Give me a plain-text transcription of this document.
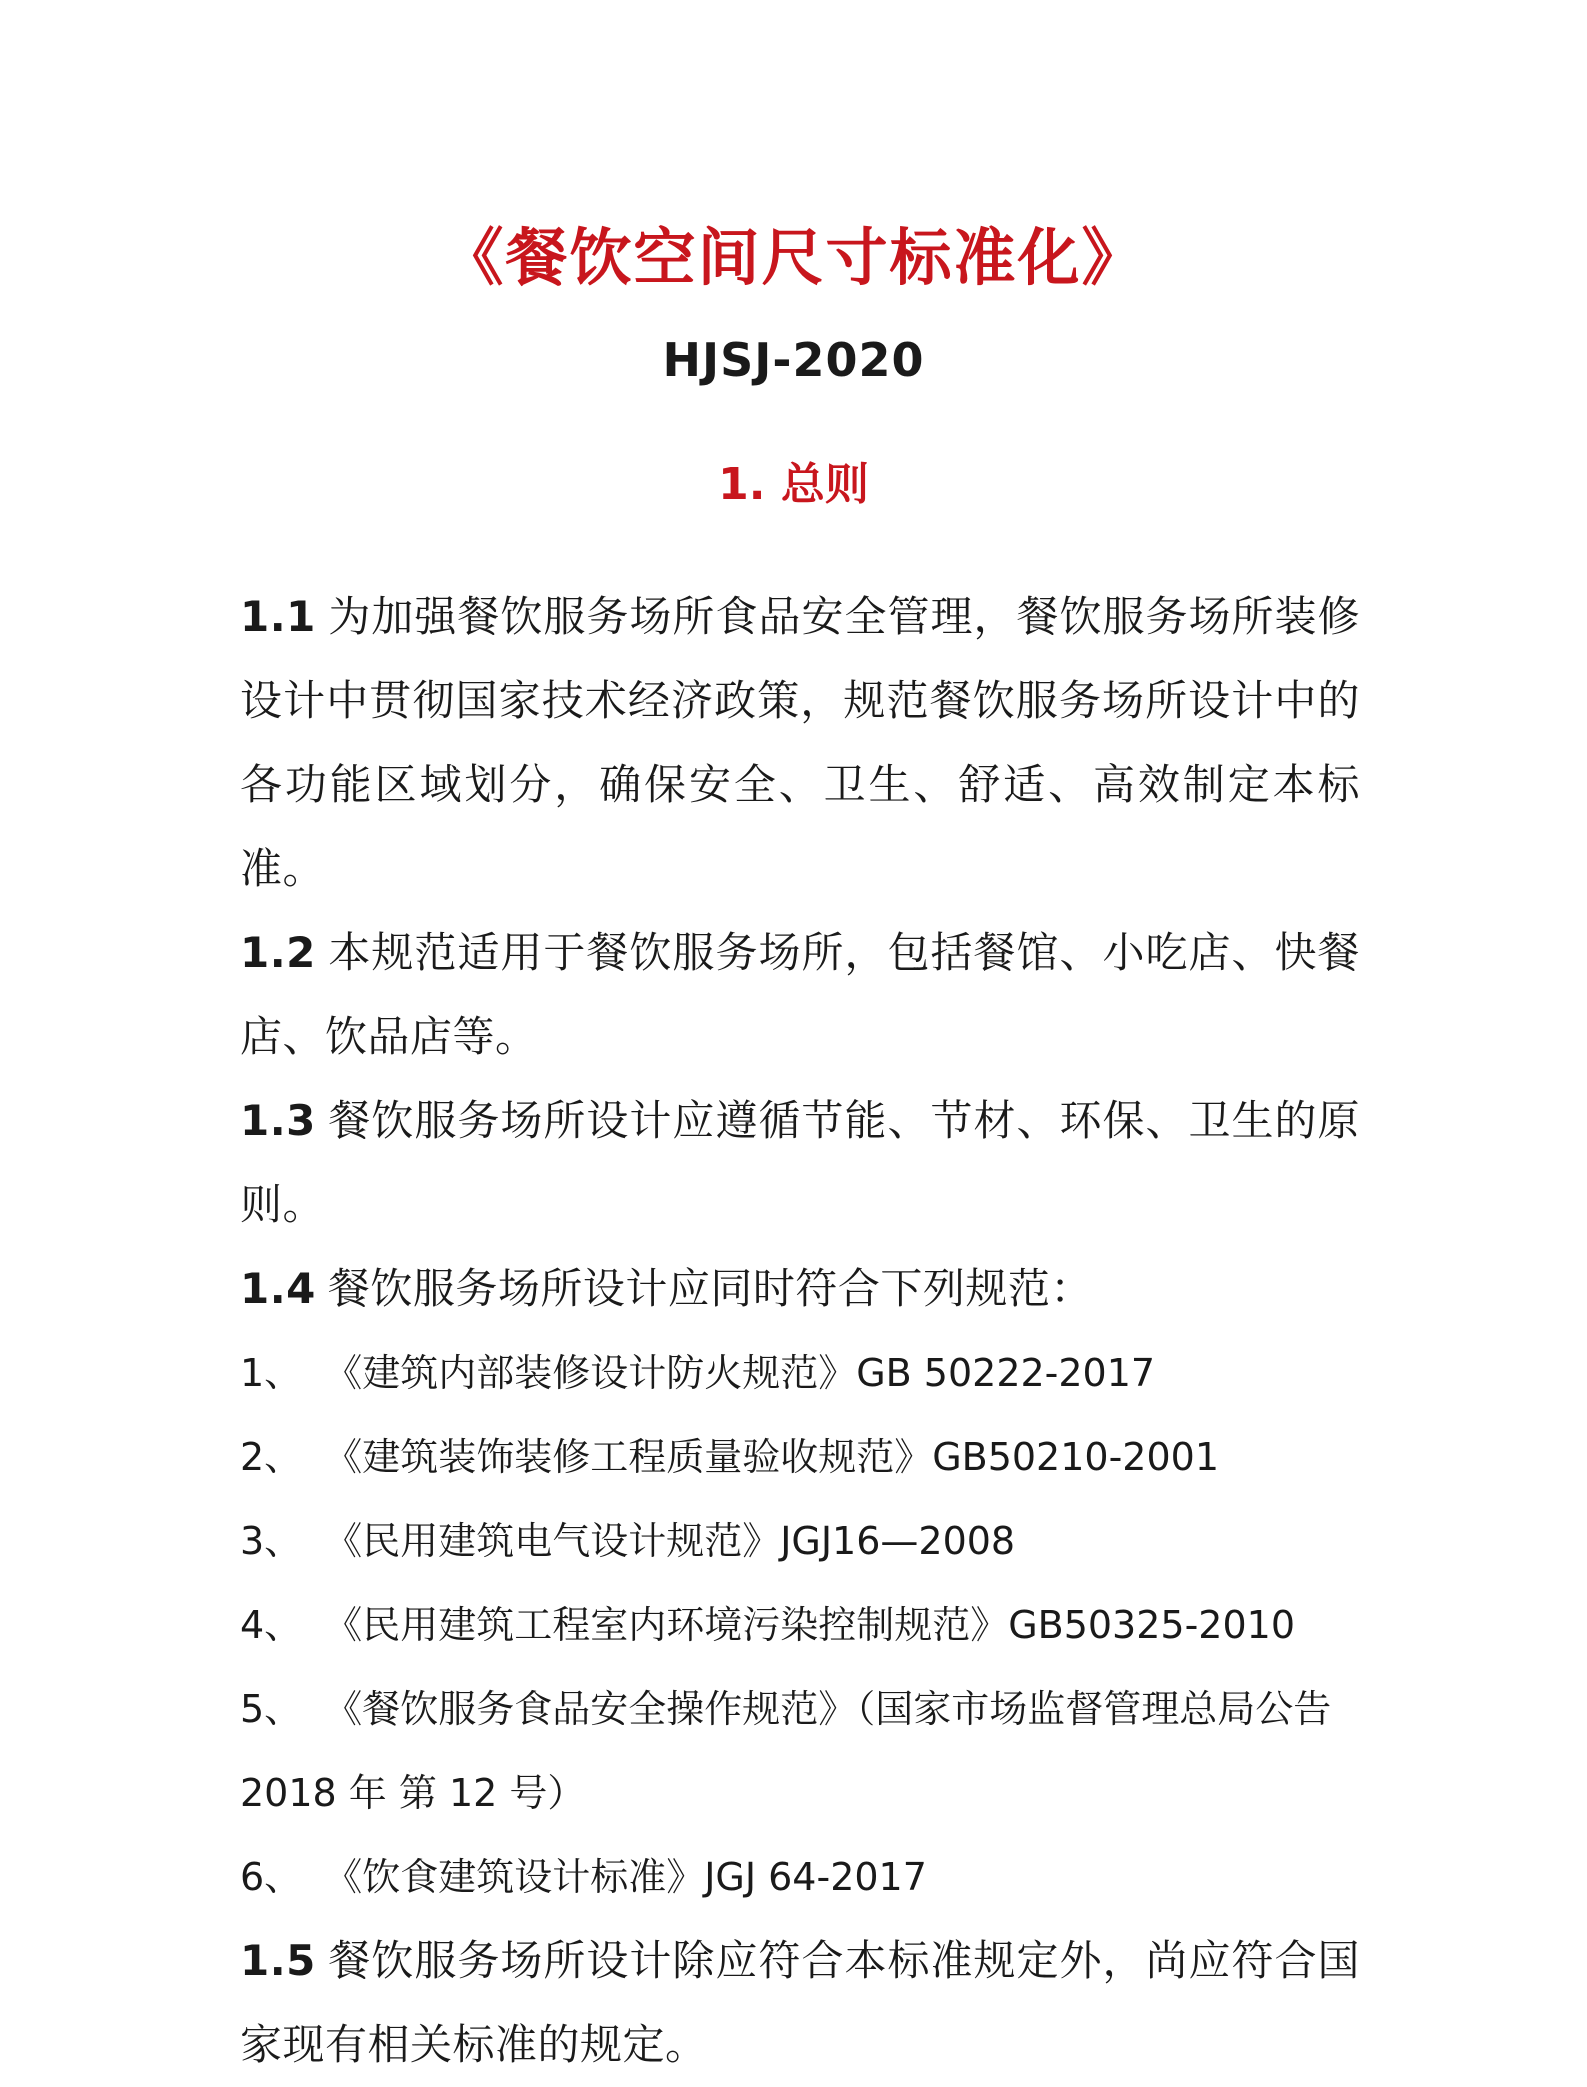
《餐饮空间尺寸标准化》
HJSJ-2020
1. 总则

1.1 为加强餐饮服务场所食品安全管理，餐饮服务场所装修设计中贯彻国家技术经济政策，规范餐饮服务场所设计中的各功能区域划分，确保安全、卫生、舒适、高效制定本标准。

1.2 本规范适用于餐饮服务场所，包括餐馆、小吃店、快餐店、饮品店等。

1.3 餐饮服务场所设计应遵循节能、节材、环保、卫生的原则。

1.4 餐饮服务场所设计应同时符合下列规范：

1、 《建筑内部装修设计防火规范》GB 50222-2017

2、 《建筑装饰装修工程质量验收规范》GB50210-2001

3、 《民用建筑电气设计规范》JGJ16—2008

4、 《民用建筑工程室内环境污染控制规范》GB50325-2010

5、 《餐饮服务食品安全操作规范》（国家市场监督管理总局公告 2018 年 第 12 号）

6、 《饮食建筑设计标准》JGJ 64-2017

1.5 餐饮服务场所设计除应符合本标准规定外，尚应符合国家现有相关标准的规定。
